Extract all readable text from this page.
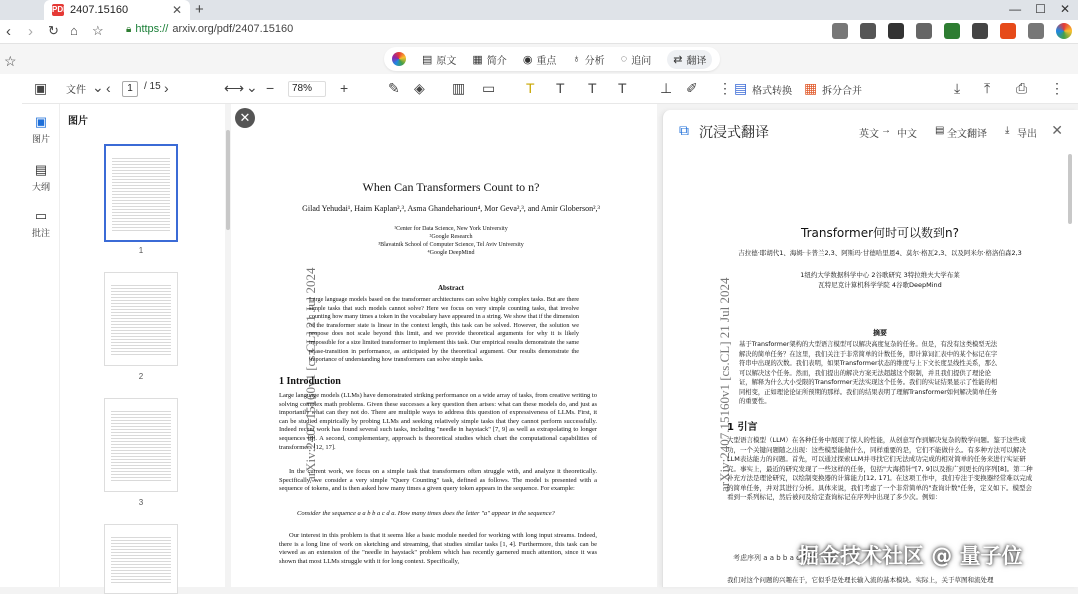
PDF 2407.15160	✕ +	— ☐ ✕
‹ › ↻ ⌂ ☆ 🔒︎ https:// arxiv.org/pdf/2407.15160
☆	▤ 原文 ▦ 简介 ◉ 重点 ♁ 分析 ◌ 追问 ⇄ 翻译
▣ 文件 ⌄ ‹	1	/ 15 ›	⟷ ⌄ −	78%	+	✎ ◈ ▥ ▭ T T T T ⊥ ✐ ⋮ ▤ 格式转换 ▦ 拆分合并	⤓ ⤒ ⎙ ⋮
▣
图片
▤
大纲
▭
批注
图片
1
2
3
✕
arXiv:2407.15160v1 [cs.CL] 21 Jul 2024
When Can Transformers Count to n?
Gilad Yehudai¹, Haim Kaplan²,³, Asma Ghandeharioun⁴, Mor Geva²,³, and Amir Globerson²,³
¹Center for Data Science, New York University
²Google Research
³Blavatnik School of Computer Science, Tel Aviv University
⁴Google DeepMind
Abstract
Large language models based on the transformer architectures can solve highly complex tasks. But are there simple tasks that such models cannot solve? Here we focus on very simple counting tasks, that involve counting how many times a token in the vocabulary have appeared in a string. We show that if the dimension of the transformer state is linear in the context length, this task can be solved. However, the solution we propose does not scale beyond this limit, and we provide theoretical arguments for why it is likely impossible for a size limited transformer to implement this task. Our empirical results demonstrate the same phase-transition in performance, as anticipated by the theoretical argument. Our results demonstrate the importance of understanding how transformers can solve simple tasks.
1 Introduction
Large language models (LLMs) have demonstrated striking performance on a wide array of tasks, from creative writing to solving complex math problems. Given these successes a key question then arises: what can these models do, and just as importantly what can they not do. There are multiple ways to address this question of expressiveness of LLMs. First, it can be studied empirically by probing LLMs and seeking relatively simple tasks that they cannot perform successfully. Indeed recent work has found several such tasks, including "needle in haystack" [7, 9] as well as extrapolating to longer sequences [8]. A second, complementary, approach is theoretical studies which chart the computational capabilities of transformers [12, 17].
In the current work, we focus on a simple task that transformers often struggle with, and analyze it theoretically. Specifically, we consider a very simple "Query Counting" task, defined as follows. The model is presented with a sequence of tokens, and is then asked how many times a given query token appears in the sequence. For example:
Consider the sequence a a b b a c d a. How many times does the letter "a" appear in the sequence?
Our interest in this problem is that it seems like a basic module needed for working with long input streams. Indeed, there is a long line of work on sketching and streaming, that studies similar tasks [1, 4]. Furthermore, this task can be viewed as an extension of the "needle in haystack" problem which has recently garnered much attention, since it was shown that most LLMs struggle with it for long context. Specifically,
⧉ 沉浸式翻译	英文 → 中文 ▤ 全文翻译 ⤓ 导出 ✕
arXiv:2407.15160v1 [cs.CL] 21 Jul 2024
Transformer何时可以数到n?
吉拉德·耶胡代1、海姆·卡普兰2,3、阿斯玛·甘德哈里恩4、莫尔·格瓦2,3、以及阿米尔·格洛伯森2,3
1纽约大学数据科学中心 2谷歌研究 3特拉维夫大学布莱
瓦特尼克计算机科学学院 4谷歌DeepMind
摘要
基于Transformer架构的大型语言模型可以解决高度复杂的任务。但是，有没有这类模型无法解决的简单任务？在这里，我们关注于非常简单的计数任务，即计算词汇表中的某个标记在字符串中出现的次数。我们表明，如果Transformer状态的维度与上下文长度呈线性关系，那么可以解决这个任务。然而，我们提出的解决方案无法超越这个限制，并且我们提供了理论论证，解释为什么大小受限的Transformer无法实现这个任务。我们的实证结果显示了性能的相同相变，正如理论论证所预期的那样。我们的结果表明了理解Transformer如何解决简单任务的重要性。
1 引言
大型语言模型（LLM）在各种任务中展现了惊人的性能，从创意写作到解决复杂的数学问题。鉴于这些成功，一个关键问题随之出现：这些模型能做什么，同样重要的是，它们不能做什么。有多种方法可以解决LLM表达能力的问题。首先，可以通过探索LLM并寻找它们无法成功完成的相对简单的任务来进行实证研究。事实上，最近的研究发现了一些这样的任务，包括"大海捞针"[7, 9]以及推广到更长的序列[8]。第二种补充方法是理论研究，以绘制变换器的计算能力[12, 17]。在这项工作中，我们专注于变换器经常难以完成的简单任务，并对其进行分析。具体来说，我们考虑了一个非常简单的"查询计数"任务，定义如下。模型会看到一系列标记，然后被问及给定查询标记在序列中出现了多少次。例如：
考虑序列 a a b b a c d a
我们对这个问题的兴趣在于，它似乎是处理长输入流的基本模块。实际上，关于草图和流处理
掘金技术社区 @ 量子位
